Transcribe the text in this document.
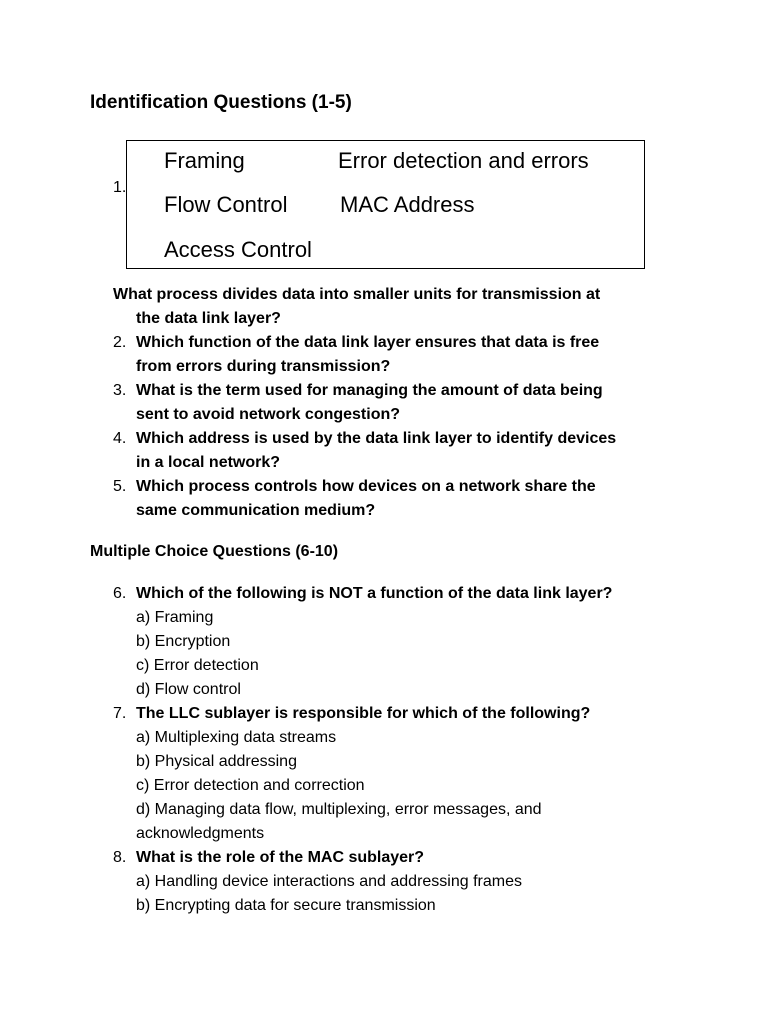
Identification Questions (1-5)
1.
Framing	Error detection and errors
Flow Control MAC Address
Access Control
What process divides data into smaller units for transmission at
the data link layer?
2. Which function of the data link layer ensures that data is free
from errors during transmission?
3. What is the term used for managing the amount of data being
sent to avoid network congestion?
4. Which address is used by the data link layer to identify devices
in a local network?
5. Which process controls how devices on a network share the
same communication medium?
Multiple Choice Questions (6-10)
6. Which of the following is NOT a function of the data link layer?
a) Framing
b) Encryption
c) Error detection
d) Flow control
7. The LLC sublayer is responsible for which of the following?
a) Multiplexing data streams
b) Physical addressing
c) Error detection and correction
d) Managing data flow, multiplexing, error messages, and
acknowledgments
8. What is the role of the MAC sublayer?
a) Handling device interactions and addressing frames
b) Encrypting data for secure transmission
